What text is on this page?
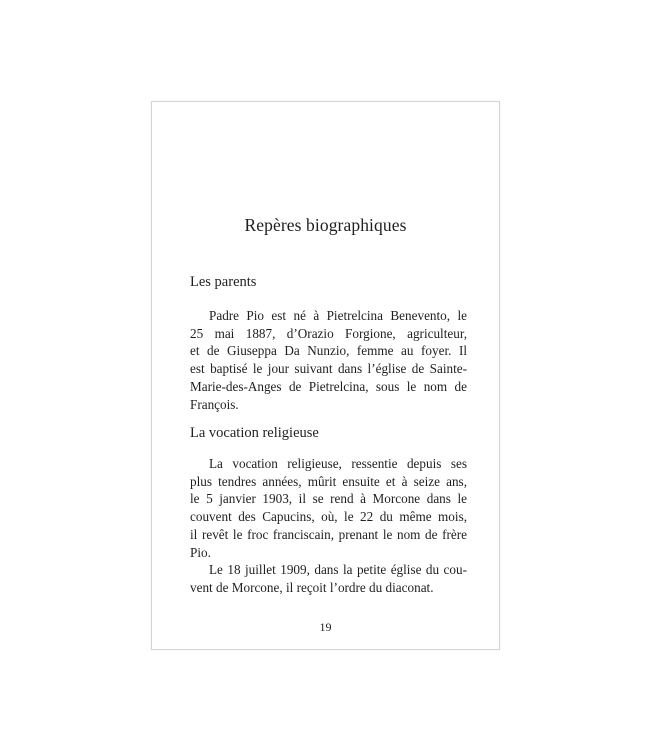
Repères biographiques
Les parents
Padre Pio est né à Pietrelcina Benevento, le
25 mai 1887, d’Orazio Forgione, agriculteur,
et de Giuseppa Da Nunzio, femme au foyer. Il
est baptisé le jour suivant dans l’église de Sainte-
Marie-des-Anges de Pietrelcina, sous le nom de
François.
La vocation religieuse
La vocation religieuse, ressentie depuis ses
plus tendres années, mûrit ensuite et à seize ans,
le 5 janvier 1903, il se rend à Morcone dans le
couvent des Capucins, où, le 22 du même mois,
il revêt le froc franciscain, prenant le nom de frère
Pio.
Le 18 juillet 1909, dans la petite église du cou-
vent de Morcone, il reçoit l’ordre du diaconat.
19
